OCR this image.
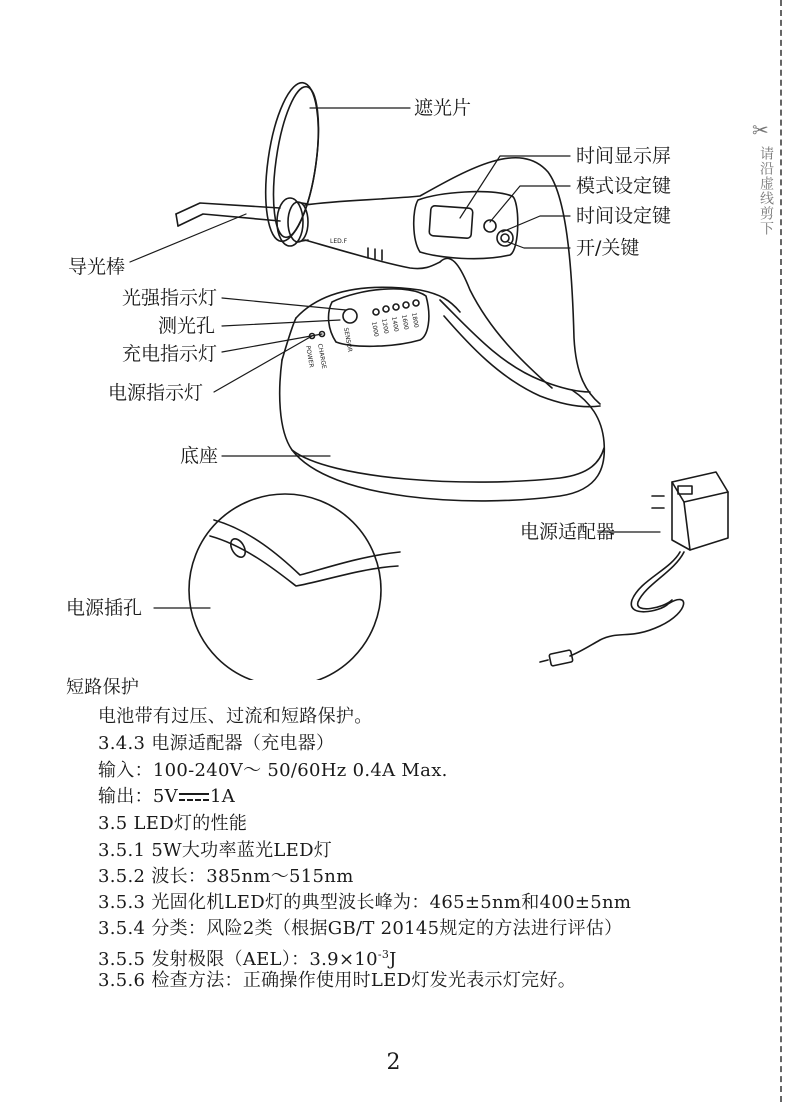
LED.F
SENSOR
CHARGE
POWER
1000 1200 1400 1600 1800
遮光片
导光棒
时间显示屏
模式设定键
时间设定键
开/关键
光强指示灯
测光孔
充电指示灯
电源指示灯
底座
电源适配器
电源插孔
✂
请沿虚线剪下
短路保护
电池带有过压、过流和短路保护。
3.4.3 电源适配器（充电器）
输入：100-240V～ 50/60Hz 0.4A Max.
输出：5V 1A
3.5 LED灯的性能
3.5.1 5W大功率蓝光LED灯
3.5.2 波长：385nm～515nm
3.5.3 光固化机LED灯的典型波长峰为：465±5nm和400±5nm
3.5.4 分类：风险2类（根据GB/T 20145规定的方法进行评估）
3.5.5 发射极限（AEL）：$3.9\times 10^{-3}J$
3.5.6 检查方法：正确操作使用时LED灯发光表示灯完好。
2
